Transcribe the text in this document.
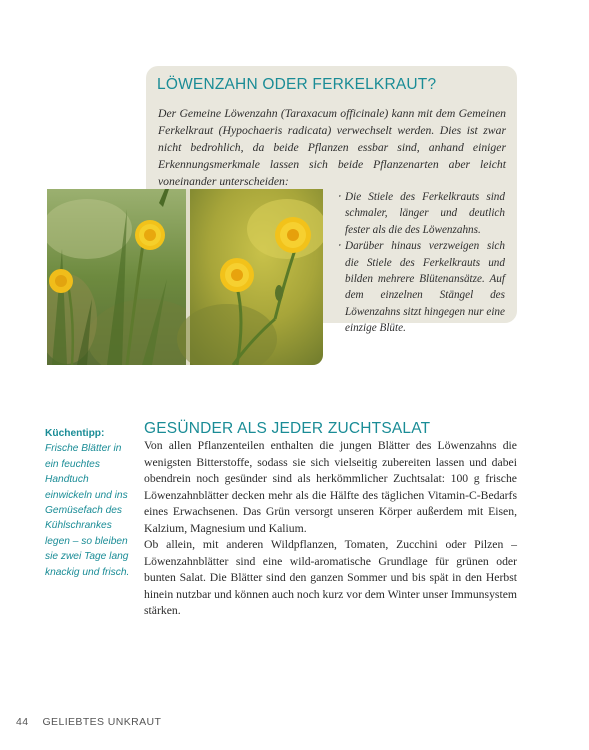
LÖWENZAHN ODER FERKELKRAUT?
Der Gemeine Löwenzahn (Taraxacum officinale) kann mit dem Gemeinen Ferkelkraut (Hypochaeris radicata) verwechselt werden. Dies ist zwar nicht bedrohlich, da beide Pflanzen essbar sind, anhand einiger Erkennungsmerkmale lassen sich beide Pflanzenarten aber leicht voneinander unterscheiden:

‧ Die Stiele des Ferkelkrauts sind schmaler, länger und deutlich fester als die des Löwenzahns.

‧ Darüber hinaus verzweigen sich die Stiele des Ferkelkrauts und bilden mehrere Blütenansätze. Auf dem einzelnen Stängel des Löwenzahns sitzt hingegen nur eine einzige Blüte.

Küchentipp:
Frische Blätter in ein feuchtes Handtuch einwickeln und ins Gemüsefach des Kühlschrankes legen – so bleiben sie zwei Tage lang knackig und frisch.
GESÜNDER ALS JEDER ZUCHTSALAT

Von allen Pflanzenteilen enthalten die jungen Blätter des Löwenzahns die wenigsten Bitterstoffe, sodass sie sich vielseitig zubereiten lassen und dabei obendrein noch gesünder sind als herkömmlicher Zuchtsalat: 100 g frische Löwenzahnblätter decken mehr als die Hälfte des täglichen Vitamin-C-Bedarfs eines Erwachsenen. Das Grün versorgt unseren Körper außerdem mit Eisen, Kalzium, Magnesium und Kalium.

Ob allein, mit anderen Wildpflanzen, Tomaten, Zucchini oder Pilzen – Löwenzahnblätter sind eine wild-aromatische Grundlage für grünen oder bunten Salat. Die Blätter sind den ganzen Sommer und bis spät in den Herbst hinein nutzbar und können auch noch kurz vor dem Winter unser Immunsystem stärken.

44 GELIEBTES UNKRAUT
